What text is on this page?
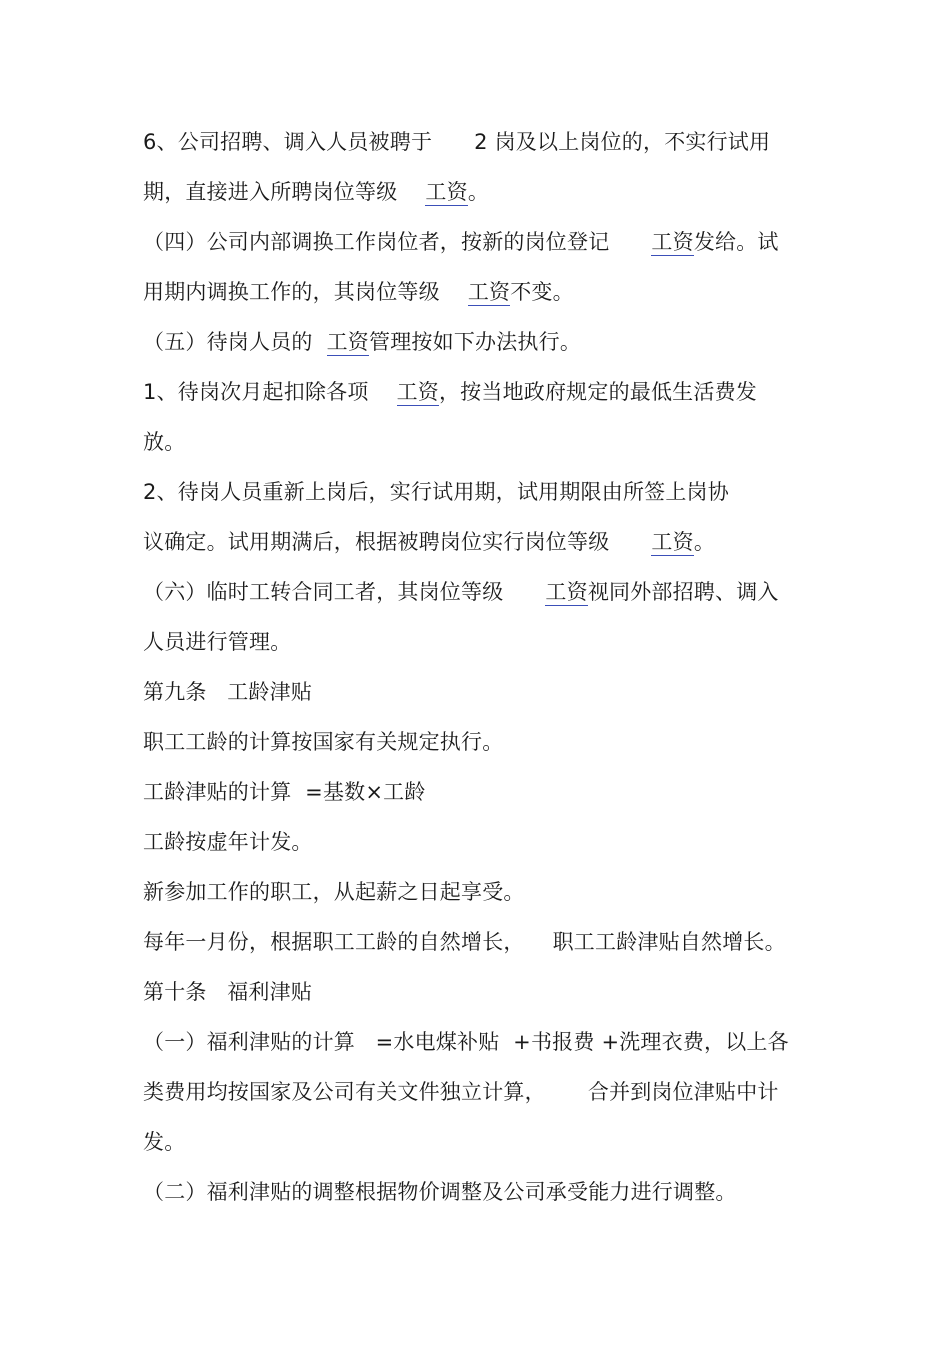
6、公司招聘、调入人员被聘于 2 岗及以上岗位的，不实行试用
期，直接进入所聘岗位等级 工资。
（四）公司内部调换工作岗位者，按新的岗位登记 工资发给。试
用期内调换工作的，其岗位等级 工资不变。
（五）待岗人员的 工资管理按如下办法执行。
1、待岗次月起扣除各项 工资，按当地政府规定的最低生活费发
放。
2、待岗人员重新上岗后，实行试用期，试用期限由所签上岗协
议确定。试用期满后，根据被聘岗位实行岗位等级 工资。
（六）临时工转合同工者，其岗位等级 工资视同外部招聘、调入
人员进行管理。
第九条   工龄津贴
职工工龄的计算按国家有关规定执行。
工龄津贴的计算  =基数×工龄
工龄按虚年计发。
新参加工作的职工，从起薪之日起享受。
每年一月份，根据职工工龄的自然增长， 职工工龄津贴自然增长。
第十条   福利津贴
（一）福利津贴的计算   =水电煤补贴  +书报费 +洗理衣费，以上各
类费用均按国家及公司有关文件独立计算， 合并到岗位津贴中计
发。
（二）福利津贴的调整根据物价调整及公司承受能力进行调整。
